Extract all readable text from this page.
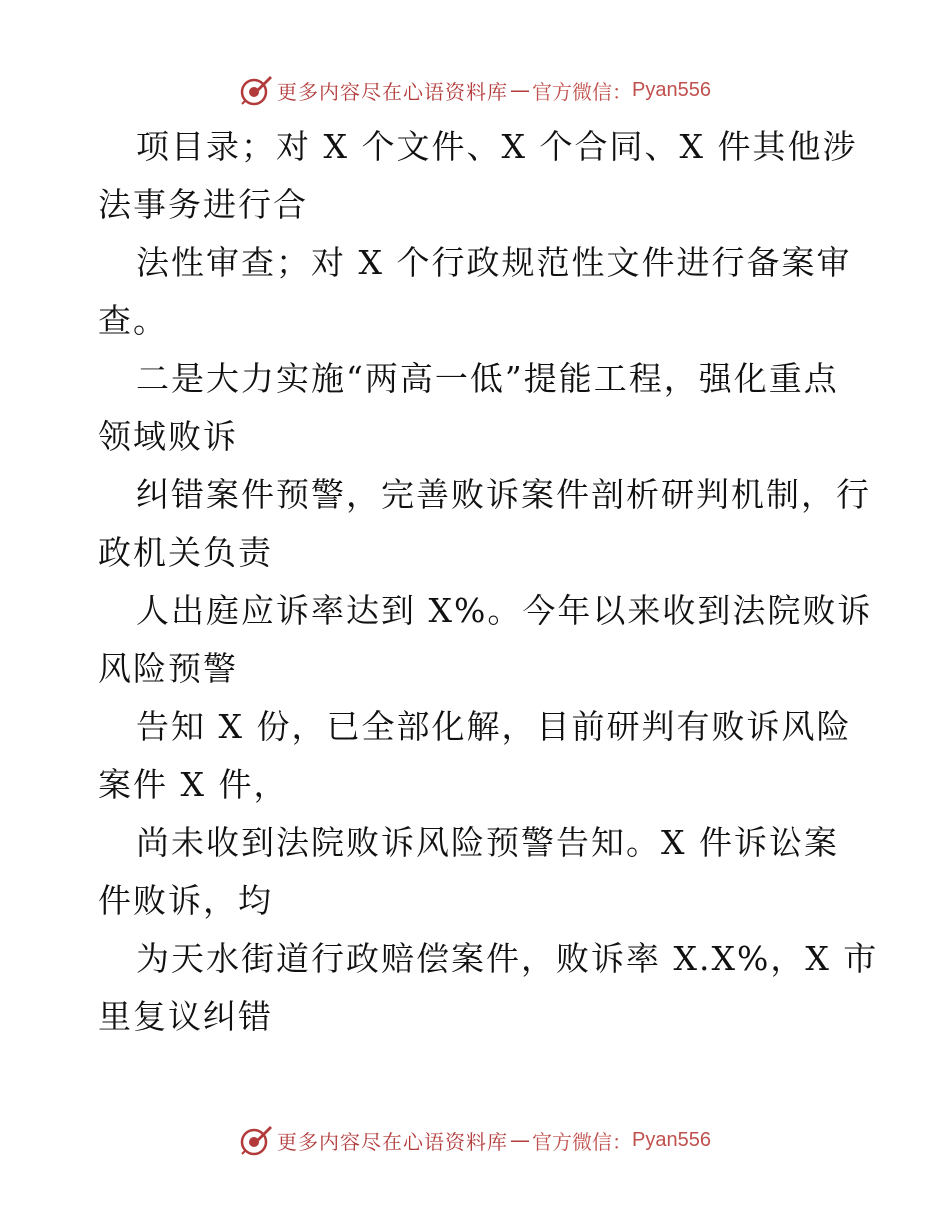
更多内容尽在心语资料库 — 官方微信： Pyan556
项目录；对 X 个文件、X 个合同、X 件其他涉
法事务进行合
法性审查；对 X 个行政规范性文件进行备案审
查。
二是大力实施“两高一低”提能工程，强化重点
领域败诉
纠错案件预警，完善败诉案件剖析研判机制，行
政机关负责
人出庭应诉率达到 X%。今年以来收到法院败诉
风险预警
告知 X 份，已全部化解，目前研判有败诉风险
案件 X 件，
尚未收到法院败诉风险预警告知。X 件诉讼案
件败诉，均
为天水街道行政赔偿案件，败诉率 X.X%，X 市
里复议纠错
更多内容尽在心语资料库 — 官方微信： Pyan556
